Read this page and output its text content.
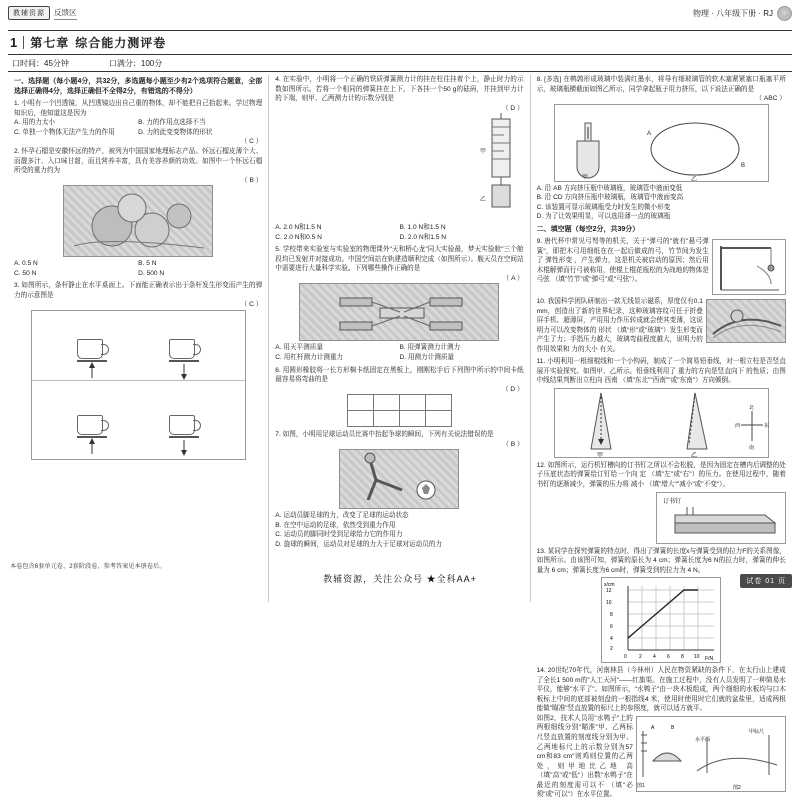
教辅资源	反馈区	物理 · 八年级下册 · RJ	印
1 第七章 综合能力测评卷
口时间：45分钟	口满分：100分
一、选择题（每小题4分，共32分，多选题每小题至少有2个选项符合题意，全部选择正确得4分，选择正确但不全得2分，有错选的不得分）
1. 小明有一个凹透镜，从凹透镜边出自己重的物体，却不能把自己抬起来。学过物理知识后，他知道这是因为
A. 用的力太小	B. 力的作用点选择不当
C. 单独一个物体无法产生力的作用	D. 力的此变变物体的形状
（ C ）
2. 怀孕石榴是安徽怀远的特产，被列为中国国家地理标志产品。怀远石榴皮薄个大、而靓多汁、入口味甘甜，而且营养丰富，具有美容养颜的功效。如图中一个怀远石榴所受的重力约为
（ B ）
A. 0.5 N	B. 5 N
C. 50 N	D. 500 N
3. 如图所示，条杆静止在水平桌面上。下面能正确表示出于条杆发生形变而产生的弹力的示意图是
（ C ）
4. 在实验中，小明将一个正确的铁质弹簧测力计的挂在柱往挂着个上，静止时力的示数如图所示。若将一个相同的弹簧挂在上下，下各挂一个50 g的砝码，并挂到甲力计的下端，则甲、乙两测力计的示数分别是
（ D ）
甲
乙
A. 2.0 N和1.5 N	B. 1.0 N和1.5 N
C. 2.0 N和0.5 N	D. 2.0 N和1.5 N
5. 学校带来实验室与实验室的物理课外"天和桥心龙"同大实验最，梦天实验舱"三个舱段均已发射并对接成功。中国空间站在轨建造顺利完成（如图所示）。舰天员在空间站中需要进行大量科学实验。下列哪些操作正确的是
（ A ）
A. 用天平测质量	B. 用弹簧测力计测力
C. 用杠杆测力计测重力	D. 用测力计测质量
6. 用圆形橡胶将一长方形棉卡纸固定在黑板上，刚刚松手后下列图中所示的中间卡纸最容易将弯曲的是
（ D ）

7. 如图，小明用足球运动员比赛中抬起争球的瞬间，下列有关说法错误的是
（ B ）
A. 运动员脚足球的力，改变了足球的运动状态
B. 在空中运动的足球，依然受到重力作用
C. 运动员的脚同时受到足球给力它的作用力
D. 旋球的瞬间，运动员对足球的力大于足球对运动员的力
8. [多选] 在鹌鹑形成玻璃中装满红墨水，将导有细玻璃管的软木塞紧紧塞口瓶塞平所示，玻璃瓶横截面如图乙所示，同学拿起瓶子用力挤压，以下说法正确的是
（ ABC ）
甲
A
B
乙
A. 沿 AB 方向挤压瓶中玻璃瓶，玻璃管中液面变低
B. 沿 CD 方向挤压瓶中玻璃瓶，玻璃管中液面变高
C. 该装置可显示玻璃瓶受力时发生的微小形变
D. 为了让效果明显，可以选用薄一点的玻璃瓶
二、填空题（每空2分，共39分）
9. 唐代杯中常见弓弩等的机关，关于"弹弓的"就有"悬弓弹簧"，即把木弓用细纸在在一起后做成的弓，竹节间为发生了 弹性形变 ，产生弹力，这是机关被启动的原因；然后用木棍解弹而行弓被称用，使棍上棍花瓶松的为战地的物体是 弓弦 （填"竹节"或"弹弓"或"弓弦"）。
10. 我国科学团队研制出一款无线显示磁系，厚度仅有0.1 mm，创造出了新的世界纪录，这种玻璃容纹可任于折叠屏手机、超薄屏，产用用力作压转成就会使其变薄，这说明力可以改变物体的 形状 （填"形"或"玻璃"）发生形变而产生了力；手指压力越大，玻璃弯曲程度越大，说明力的作用效果和 力的大小 有关。
11. 小明利用一根细棍线和一个小钩码，制成了一个简易铅垂线，对一根立柱是否竖直展开实验探究。如图甲、乙所示。铅垂线利用了 重力的方向是竖直向下 的性质；由图中线结果判断出立柱向 西南 （填"东北""西南""或"东南"）方向倾倒。
甲	乙
西	东
北
南
12. 如图所示，运行机钉槽向的订书钉之所以不会松脱，是因为固定在槽内后调整的处子压底状态的弹簧给订钉给一个向 定 （填"左"或"右"）的压力。在使用过程中，随着书钉的逐渐减少，弹簧的压力将 减小 （填"增大""减小"或"不变"）。
订书钉
13. 某同学在探究弹簧的特点时，得出了弹簧的长度x与弹簧受到的拉力F的关系图像，如图所示。由该图可知，弹簧的原长为 4 cm；弹簧长度为6 N的拉力时，弹簧的伸长量为 6 cm；弹簧长度为6 cm时，弹簧受到的拉力为 4 N。
12
10
8
6
4
2
0 2 4 6 8 10 F/N
x/cm
14. 20世纪70年代，河南林县（今林州）人民在物资紧缺的条件下，在太行山上建成了全长1 500 m的"人工天河"——红旗渠。在施工过程中，没有人员发明了一种简易水平仪，能够"水平了"。如图所示，"水鸭子"由一块木板组成，两个细细的水板均与口木板标上中间的底部被刻盘的一根指线4 米，使用时使用时它们就的盆盐里，适成两根能做"瞄准"竖直放置的标尺上的参照度，就可以适方就平。
图1
A	B
水平面
甲标尺
图2
如图2，技术人员用"水鸭子"上的两根细线分别"瞄准"甲、乙两标尺竖直放置的刻度线分别为甲、乙两地标尺上的示数分别为57 cm和83 cm"则鸡则位置的乙两处，则甲地比乙地 高 （填"高"或"低"）出数"水鸭子"在最近的刻度需可以不 （填"必须"或"可以"）在水平位置。
本卷包含6套单元卷、2套阶段卷，参考答案见本册卷后。
教辅资源，关注公众号 ★全科AA+	试卷 01 页
